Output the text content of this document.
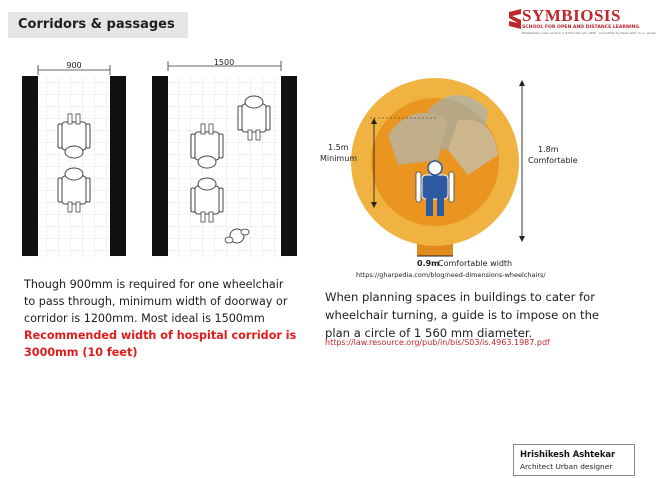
Corridors & passages	SYMBIOSIS
SCHOOL FOR OPEN AND DISTANCE LEARNING
Established under section 3 of the UGC act, 1956 · Accredited by NAAC with 'A++' grade
900	1500
1.5m
Minimum
1.8m
Comfortable
0.9m
Comfortable width
https://gharpedia.com/blog/need-dimensions-wheelchairs/
Though 900mm is required for one wheelchair
to pass through, minimum width of doorway or
corridor is 1200mm. Most ideal is 1500mm
Recommended width of hospital corridor is
3000mm (10 feet)
When planning spaces in buildings to cater for wheelchair turning, a guide is to impose on the plan a circle of 1 560 mm diameter.
https://law.resource.org/pub/in/bis/S03/is.4963.1987.pdf
Hrishikesh Ashtekar
Architect Urban designer
